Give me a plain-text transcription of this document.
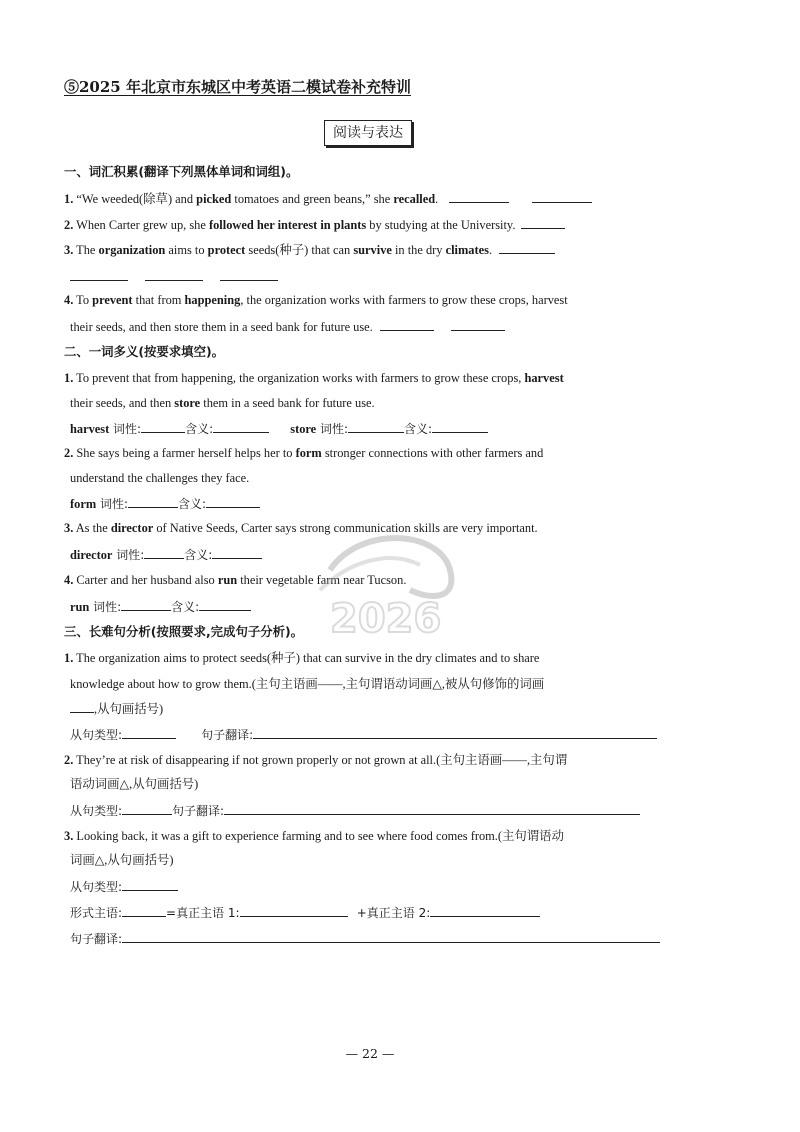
⑤2025 年北京市东城区中考英语二模试卷补充特训
阅读与表达
一、词汇积累(翻译下列黑体单词和词组)。
1. “We weeded(除草) and picked tomatoes and green beans,” she recalled.
2. When Carter grew up, she followed her interest in plants by studying at the University.
3. The organization aims to protect seeds(种子) that can survive in the dry climates.

4. To prevent that from happening, the organization works with farmers to grow these crops, harvest
their seeds, and then store them in a seed bank for future use.
二、一词多义(按要求填空)。
1. To prevent that from happening, the organization works with farmers to grow these crops, harvest
their seeds, and then store them in a seed bank for future use.
harvest 词性:	含义:	store 词性:	含义:
2. She says being a farmer herself helps her to form stronger connections with other farmers and
understand the challenges they face.
form 词性:	含义:
3. As the director of Native Seeds, Carter says strong communication skills are very important.
director 词性:	含义:
4. Carter and her husband also run their vegetable farm near Tucson.
run 词性:	含义:
三、长难句分析(按照要求,完成句子分析)。
1. The organization aims to protect seeds(种子) that can survive in the dry climates and to share
knowledge about how to grow them.(主句主语画——,主句谓语动词画△,被从句修饰的词画
,从句画括号)
从句类型:	句子翻译:
2. They’re at risk of disappearing if not grown properly or not grown at all.(主句主语画——,主句谓
语动词画△,从句画括号)
从句类型:	句子翻译:
3. Looking back, it was a gift to experience farming and to see where food comes from.(主句谓语动
词画△,从句画括号)
从句类型:
形式主语:	=真正主语 1:	+真正主语 2:
句子翻译:
2026
— 22 —
